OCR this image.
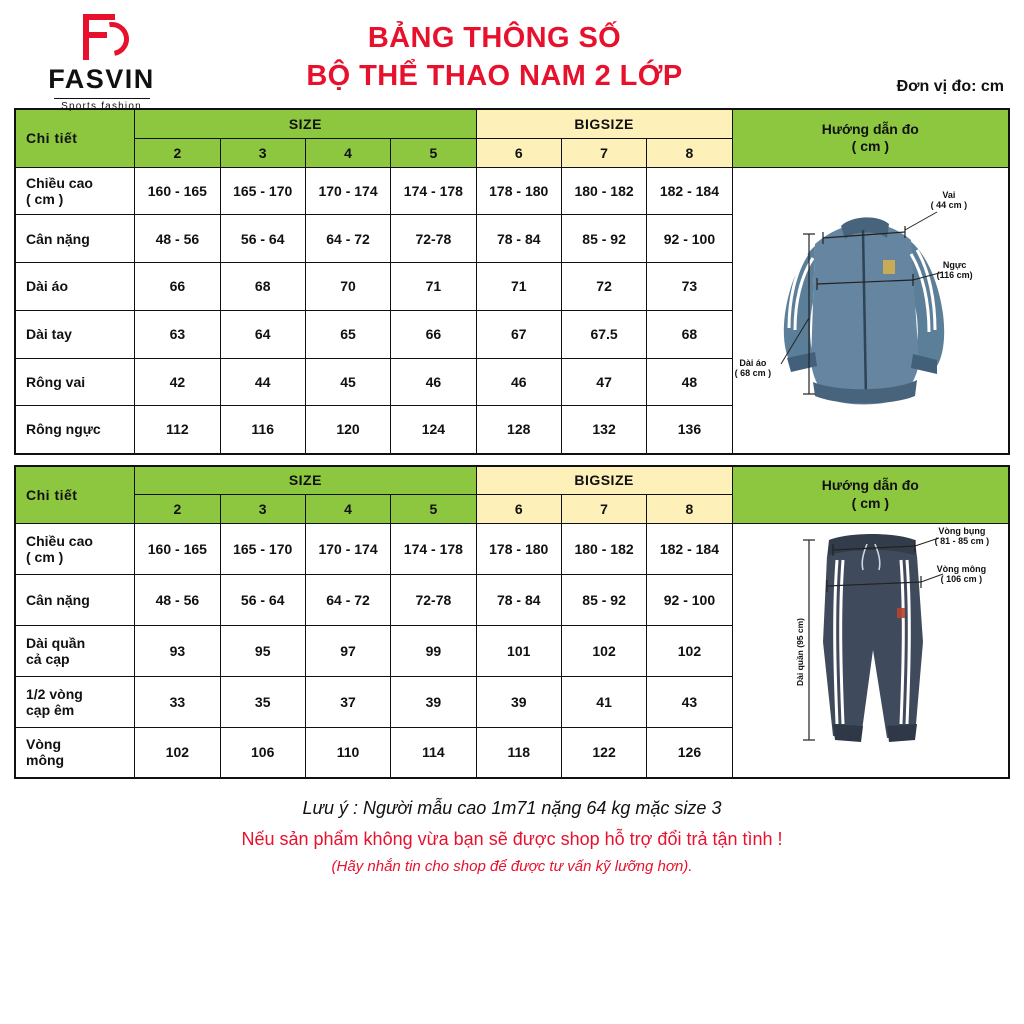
FASVIN
Sports fashion
BẢNG THÔNG SỐ
BỘ THỂ THAO NAM 2 LỚP	Đơn vị đo: cm
Chi tiết	SIZE				BIGSIZE			Hướng dẫn đo
( cm )

	2	3	4	5	6	7	8	

Chiều cao
( cm )	160 - 165	165 - 170	170 - 174	174 - 178	178 - 180	180 - 182	182 - 184	Vai
( 44 cm )
Ngực
(116 cm)
Dài áo
( 68 cm )

Cân nặng	48 - 56	56 - 64	64 - 72	72-78	78 - 84	85 - 92	92 - 100	
Dài áo	66	68	70	71	71	72	73	
Dài tay	63	64	65	66	67	67.5	68	
Rông vai	42	44	45	46	46	47	48	
Rông ngực	112	116	120	124	128	132	136	
Chi tiết	SIZE				BIGSIZE			Hướng dẫn đo
( cm )

	2	3	4	5	6	7	8	

Chiều cao
( cm )	160 - 165	165 - 170	170 - 174	174 - 178	178 - 180	180 - 182	182 - 184	
Dài quần (95 cm)
Vòng bụng
( 81 - 85 cm )
Vòng mông
( 106 cm )

Cân nặng	48 - 56	56 - 64	64 - 72	72-78	78 - 84	85 - 92	92 - 100	

Dài quần
cả cạp	93	95	97	99	101	102	102	

1/2 vòng
cạp êm	33	35	37	39	39	41	43	

Vòng
mông	102	106	110	114	118	122	126	
Lưu ý : Người mẫu cao 1m71 nặng 64 kg mặc size 3
Nếu sản phẩm không vừa bạn sẽ được shop hỗ trợ đổi trả tận tình !
(Hãy nhắn tin cho shop để được tư vấn kỹ lưỡng hơn).
